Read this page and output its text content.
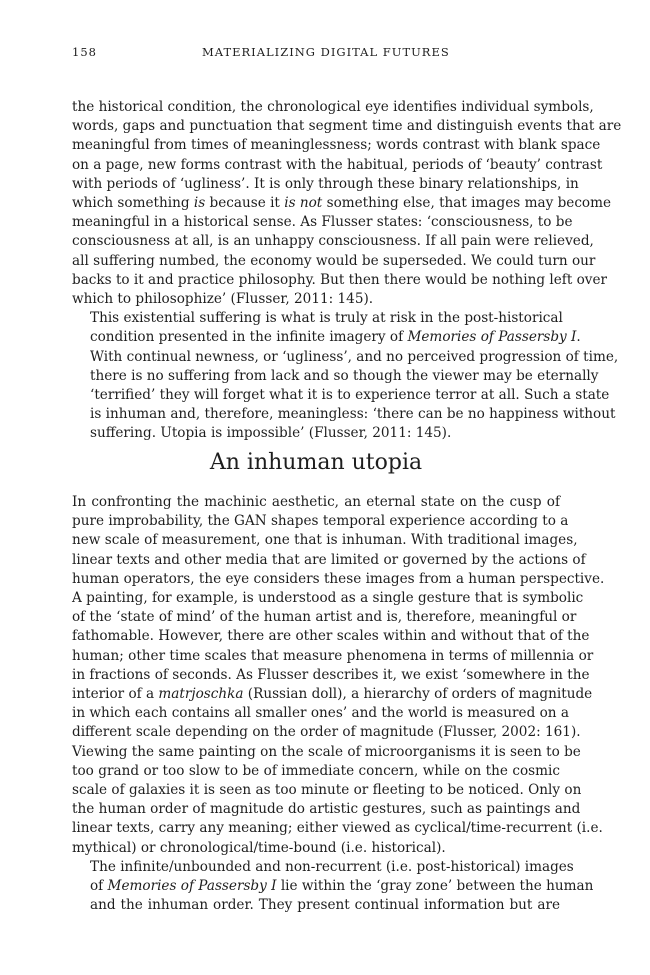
158	MATERIALIZING DIGITAL FUTURES

the historical condition, the chronological eye identifies individual symbols,
words, gaps and punctuation that segment time and distinguish events that are
meaningful from times of meaninglessness; words contrast with blank space
on a page, new forms contrast with the habitual, periods of ‘beauty’ contrast
with periods of ‘ugliness’. It is only through these binary relationships, in
which something is because it is not something else, that images may become
meaningful in a historical sense. As Flusser states: ‘consciousness, to be
consciousness at all, is an unhappy consciousness. If all pain were relieved,
all suffering numbed, the economy would be superseded. We could turn our
backs to it and practice philosophy. But then there would be nothing left over
which to philosophize’ (Flusser, 2011: 145).

This existential suffering is what is truly at risk in the post-historical
condition presented in the infinite imagery of Memories of Passersby I.
With continual newness, or ‘ugliness’, and no perceived progression of time,
there is no suffering from lack and so though the viewer may be eternally
‘terrified’ they will forget what it is to experience terror at all. Such a state
is inhuman and, therefore, meaningless: ‘there can be no happiness without
suffering. Utopia is impossible’ (Flusser, 2011: 145).

An inhuman utopia

In confronting the machinic aesthetic, an eternal state on the cusp of
pure improbability, the GAN shapes temporal experience according to a
new scale of measurement, one that is inhuman. With traditional images,
linear texts and other media that are limited or governed by the actions of
human operators, the eye considers these images from a human perspective.
A painting, for example, is understood as a single gesture that is symbolic
of the ‘state of mind’ of the human artist and is, therefore, meaningful or
fathomable. However, there are other scales within and without that of the
human; other time scales that measure phenomena in terms of millennia or
in fractions of seconds. As Flusser describes it, we exist ‘somewhere in the
interior of a matrjoschka (Russian doll), a hierarchy of orders of magnitude
in which each contains all smaller ones’ and the world is measured on a
different scale depending on the order of magnitude (Flusser, 2002: 161).
Viewing the same painting on the scale of microorganisms it is seen to be
too grand or too slow to be of immediate concern, while on the cosmic
scale of galaxies it is seen as too minute or fleeting to be noticed. Only on
the human order of magnitude do artistic gestures, such as paintings and
linear texts, carry any meaning; either viewed as cyclical/time-recurrent (i.e.
mythical) or chronological/time-bound (i.e. historical).

The infinite/unbounded and non-recurrent (i.e. post-historical) images
of Memories of Passersby I lie within the ‘gray zone’ between the human
and the inhuman order. They present continual information but are
